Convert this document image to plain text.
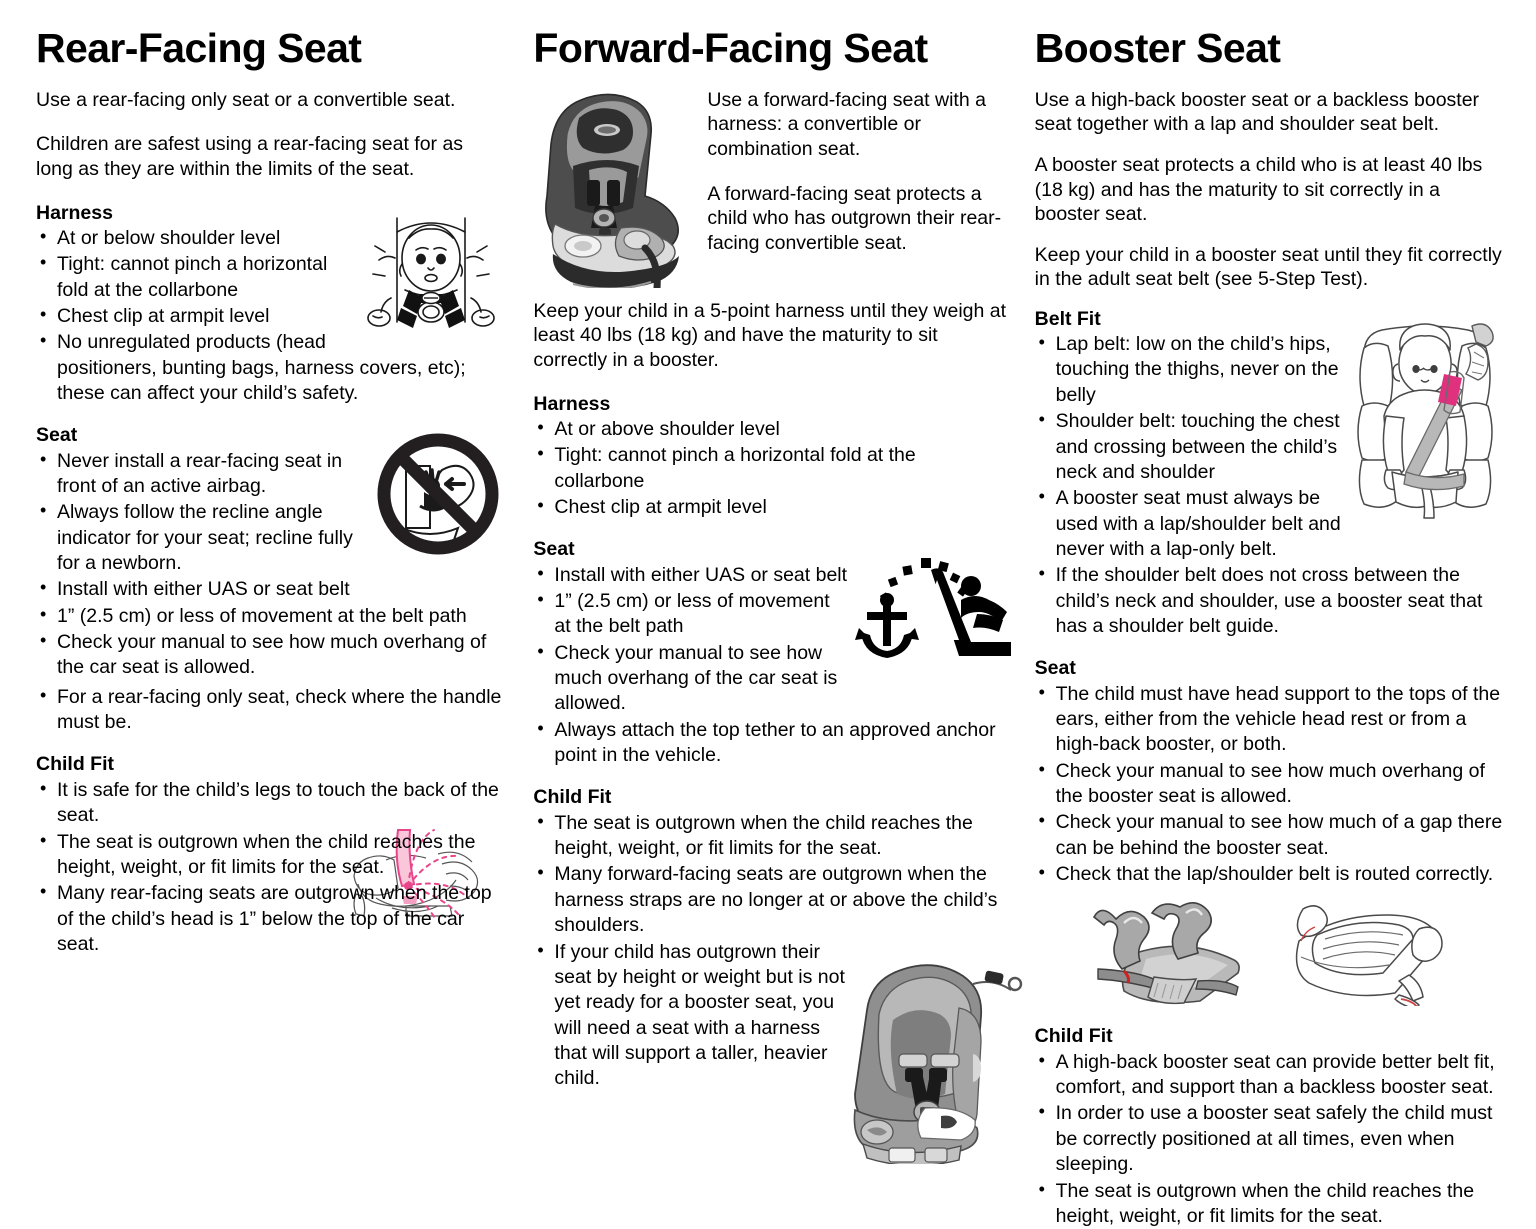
Rear-Facing Seat

Use a rear-facing only seat or a convertible seat.

Children are safest using a rear-facing seat for as long as they are within the limits of the seat.

Harness
• At or below shoulder level
• Tight: cannot pinch a horizontal fold at the collarbone
• Chest clip at armpit level
• No unregulated products (head positioners, bunting bags, harness covers, etc); these can affect your child’s safety.
Seat
• Never install a rear-facing seat in front of an active airbag.
• Always follow the recline angle indicator for your seat; recline fully for a newborn.
• Install with either UAS or seat belt
• 1” (2.5 cm) or less of movement at the belt path
• Check your manual to see how much overhang of the car seat is allowed.
• For a rear-facing only seat, check where the handle must be.
Child Fit
• It is safe for the child’s legs to touch the back of the seat.
• The seat is outgrown when the child reaches the height, weight, or fit limits for the seat.
• Many rear-facing seats are outgrown when the top of the child’s head is 1” below the top of the car seat.
Forward-Facing Seat

Use a forward-facing seat with a harness: a convertible or combination seat.

A forward-facing seat protects a child who has outgrown their rear-facing convertible seat.

Keep your child in a 5-point harness until they weigh at least 40 lbs (18 kg) and have the maturity to sit correctly in a booster.

Harness
• At or above shoulder level
• Tight: cannot pinch a horizontal fold at the collarbone
• Chest clip at armpit level
Seat
• Install with either UAS or seat belt
• 1” (2.5 cm) or less of movement at the belt path
• Check your manual to see how much overhang of the car seat is allowed.
• Always attach the top tether to an approved anchor point in the vehicle.
Child Fit
• The seat is outgrown when the child reaches the height, weight, or fit limits for the seat.
• Many forward-facing seats are outgrown when the harness straps are no longer at or above the child’s shoulders.
• If your child has outgrown their seat by height or weight but is not yet ready for a booster seat, you will need a seat with a harness that will support a taller, heavier child.
Booster Seat

Use a high-back booster seat or a backless booster seat together with a lap and shoulder seat belt.

A booster seat protects a child who is at least 40 lbs (18 kg) and has the maturity to sit correctly in a booster seat.

Keep your child in a booster seat until they fit correctly in the adult seat belt (see 5-Step Test).

Belt Fit
• Lap belt: low on the child’s hips, touching the thighs, never on the belly
• Shoulder belt: touching the chest and crossing between the child’s neck and shoulder
• A booster seat must always be used with a lap/shoulder belt and never with a lap-only belt.
• If the shoulder belt does not cross between the child’s neck and shoulder, use a booster seat that has a shoulder belt guide.
Seat
• The child must have head support to the tops of the ears, either from the vehicle head rest or from a high-back booster, or both.
• Check your manual to see how much overhang of the booster seat is allowed.
• Check your manual to see how much of a gap there can be behind the booster seat.
• Check that the lap/shoulder belt is routed correctly.
Child Fit
• A high-back booster seat can provide better belt fit, comfort, and support than a backless booster seat.
• In order to use a booster seat safely the child must be correctly positioned at all times, even when sleeping.
• The seat is outgrown when the child reaches the height, weight, or fit limits for the seat.
